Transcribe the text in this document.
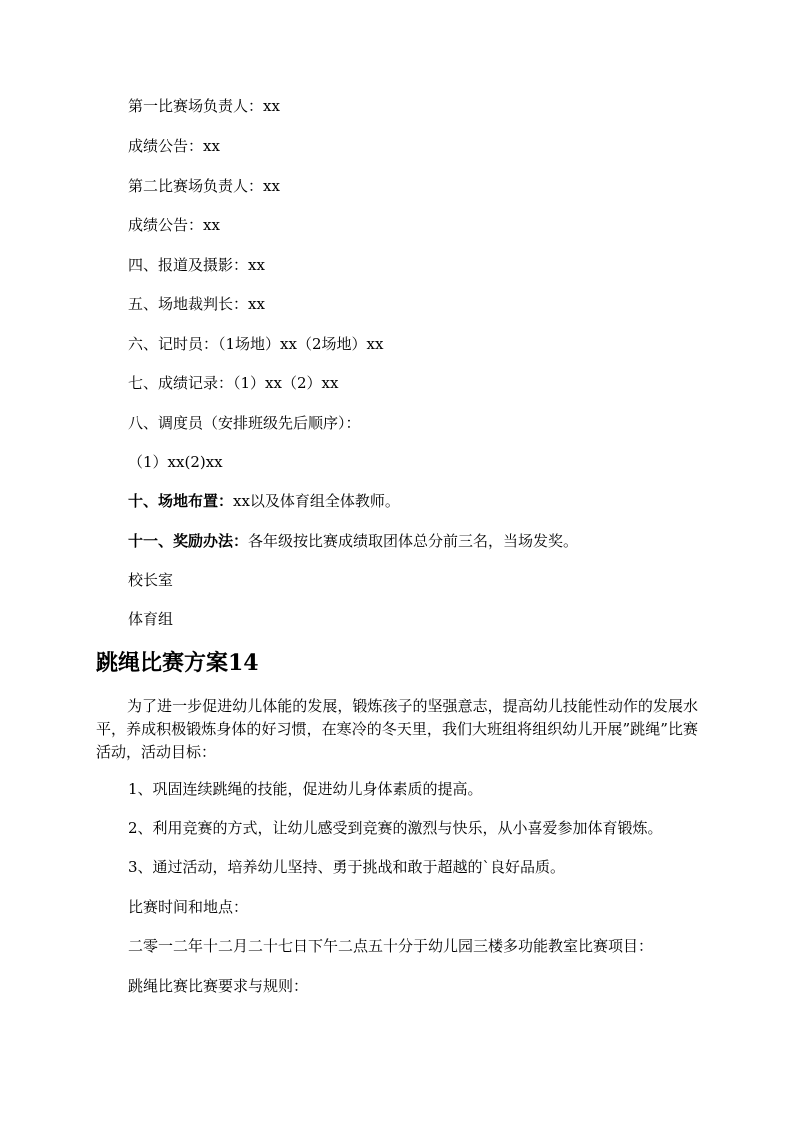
第一比赛场负责人：xx
成绩公告：xx
第二比赛场负责人：xx
成绩公告：xx
四、报道及摄影：xx
五、场地裁判长：xx
六、记时员：（1场地）xx（2场地）xx
七、成绩记录：（1）xx（2）xx
八、调度员（安排班级先后顺序）：
（1）xx(2)xx
十、场地布置：xx以及体育组全体教师。
十一、奖励办法：各年级按比赛成绩取团体总分前三名，当场发奖。
校长室
体育组
跳绳比赛方案14
为了进一步促进幼儿体能的发展，锻炼孩子的坚强意志，提高幼儿技能性动作的发展水平，养成积极锻炼身体的好习惯，在寒冷的冬天里，我们大班组将组织幼儿开展”跳绳”比赛活动，活动目标：
1、巩固连续跳绳的技能，促进幼儿身体素质的提高。
2、利用竞赛的方式，让幼儿感受到竞赛的激烈与快乐，从小喜爱参加体育锻炼。
3、通过活动，培养幼儿坚持、勇于挑战和敢于超越的`良好品质。
比赛时间和地点：
二零一二年十二月二十七日下午二点五十分于幼儿园三楼多功能教室比赛项目：
跳绳比赛比赛要求与规则：
